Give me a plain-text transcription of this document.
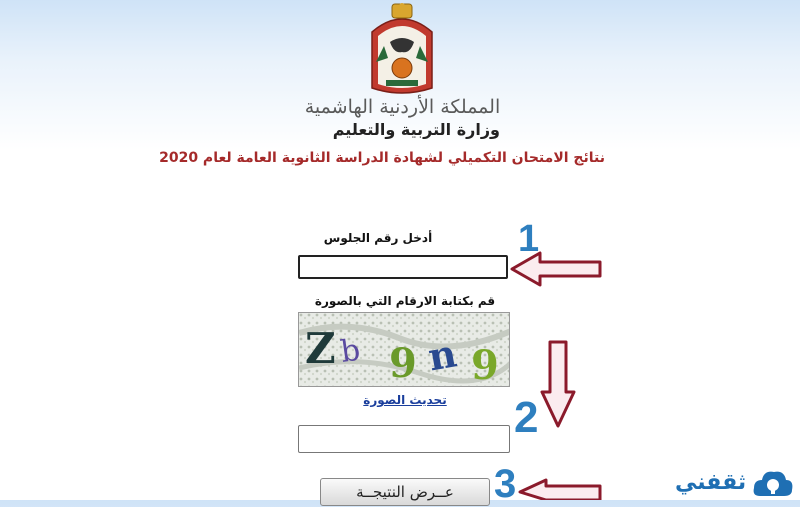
المملكة الأردنية الهاشمية
وزارة التربية والتعليم
نتائج الامتحان التكميلي لشهادة الدراسة الثانوية العامة لعام 2020
أدخل رقم الجلوس
قم بكتابة الارقام التي بالصورة
Z b 9 n 9
تحديث الصورة
عــرض النتيجــة
1
2
3	ثقفني
